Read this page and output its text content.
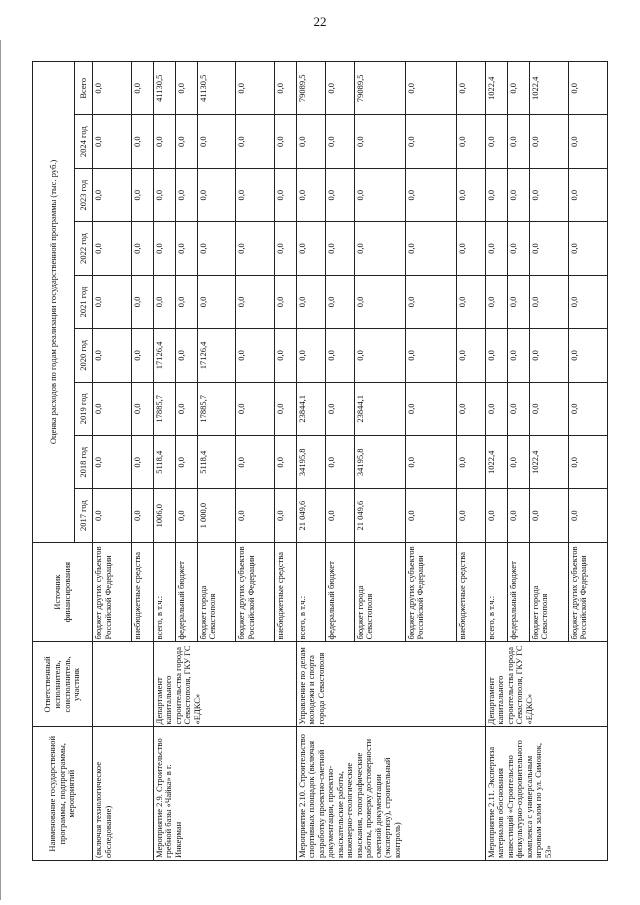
22
Наименование государственной программы, подпрограммы, мероприятий	Ответственный исполнитель, соисполнитель, участник	Источник финансирования	Оценка расходов по годам реализации государственной программы (тыс. руб.)								
			2017 год	2018 год	2019 год	2020 год	2021 год	2022 год	2023 год	2024 год	Всего
(включая технологическое обследование)		бюджет других субъектов Российской Федерации	0,0	0,0	0,0	0,0	0,0	0,0	0,0	0,0	0,0
		внебюджетные средства	0,0	0,0	0,0	0,0	0,0	0,0	0,0	0,0	0,0
Мероприятие 2.9. Строительство гребной базы «Чайка» в г. Инкерман	Департамент капитального строительства города Севастополя, ГКУ ГС «ЕДКС»	всего, в т.ч.:	1006,0	5118,4	17885,7	17126,4	0,0	0,0	0,0	0,0	41130,5
		федеральный бюджет	0,0	0,0	0,0	0,0	0,0	0,0	0,0	0,0	0,0
		бюджет города Севастополя	1 000,0	5118,4	17885,7	17126,4	0,0	0,0	0,0	0,0	41130,5
		бюджет других субъектов Российской Федерации	0,0	0,0	0,0	0,0	0,0	0,0	0,0	0,0	0,0
		внебюджетные средства	0,0	0,0	0,0	0,0	0,0	0,0	0,0	0,0	0,0
Мероприятие 2.10. Строительство спортивных площадок (включая разработку проектно-сметной документации, проектно-изыскательские работы, инженерно-геологические изыскания, топографические работы, проверку достоверности сметной документации (экспертизу), строительный контроль)	Управление по делам молодежи и спорта города Севастополя	всего, в т.ч.:	21 049,6	34195,8	23844,1	0,0	0,0	0,0	0,0	0,0	79089,5
		федеральный бюджет	0,0	0,0	0,0	0,0	0,0	0,0	0,0	0,0	0,0
		бюджет города Севастополя	21 049,6	34195,8	23844,1	0,0	0,0	0,0	0,0	0,0	79089,5
		бюджет других субъектов Российской Федерации	0,0	0,0	0,0	0,0	0,0	0,0	0,0	0,0	0,0
		внебюджетные средства	0,0	0,0	0,0	0,0	0,0	0,0	0,0	0,0	0,0
Мероприятие 2.11. Экспертиза материалов обоснования инвестиций «Строительство физкультурно-оздоровительного комплекса с универсальным игровым залом по ул. Симонок, 53»	Департамент капитального строительства города Севастополя, ГКУ ГС «ЕДКС»	всего, в т.ч.:	0,0	1022,4	0,0	0,0	0,0	0,0	0,0	0,0	1022,4
		федеральный бюджет	0,0	0,0	0,0	0,0	0,0	0,0	0,0	0,0	0,0
		бюджет города Севастополя	0,0	1022,4	0,0	0,0	0,0	0,0	0,0	0,0	1022,4
		бюджет других субъектов Российской Федерации	0,0	0,0	0,0	0,0	0,0	0,0	0,0	0,0	0,0
